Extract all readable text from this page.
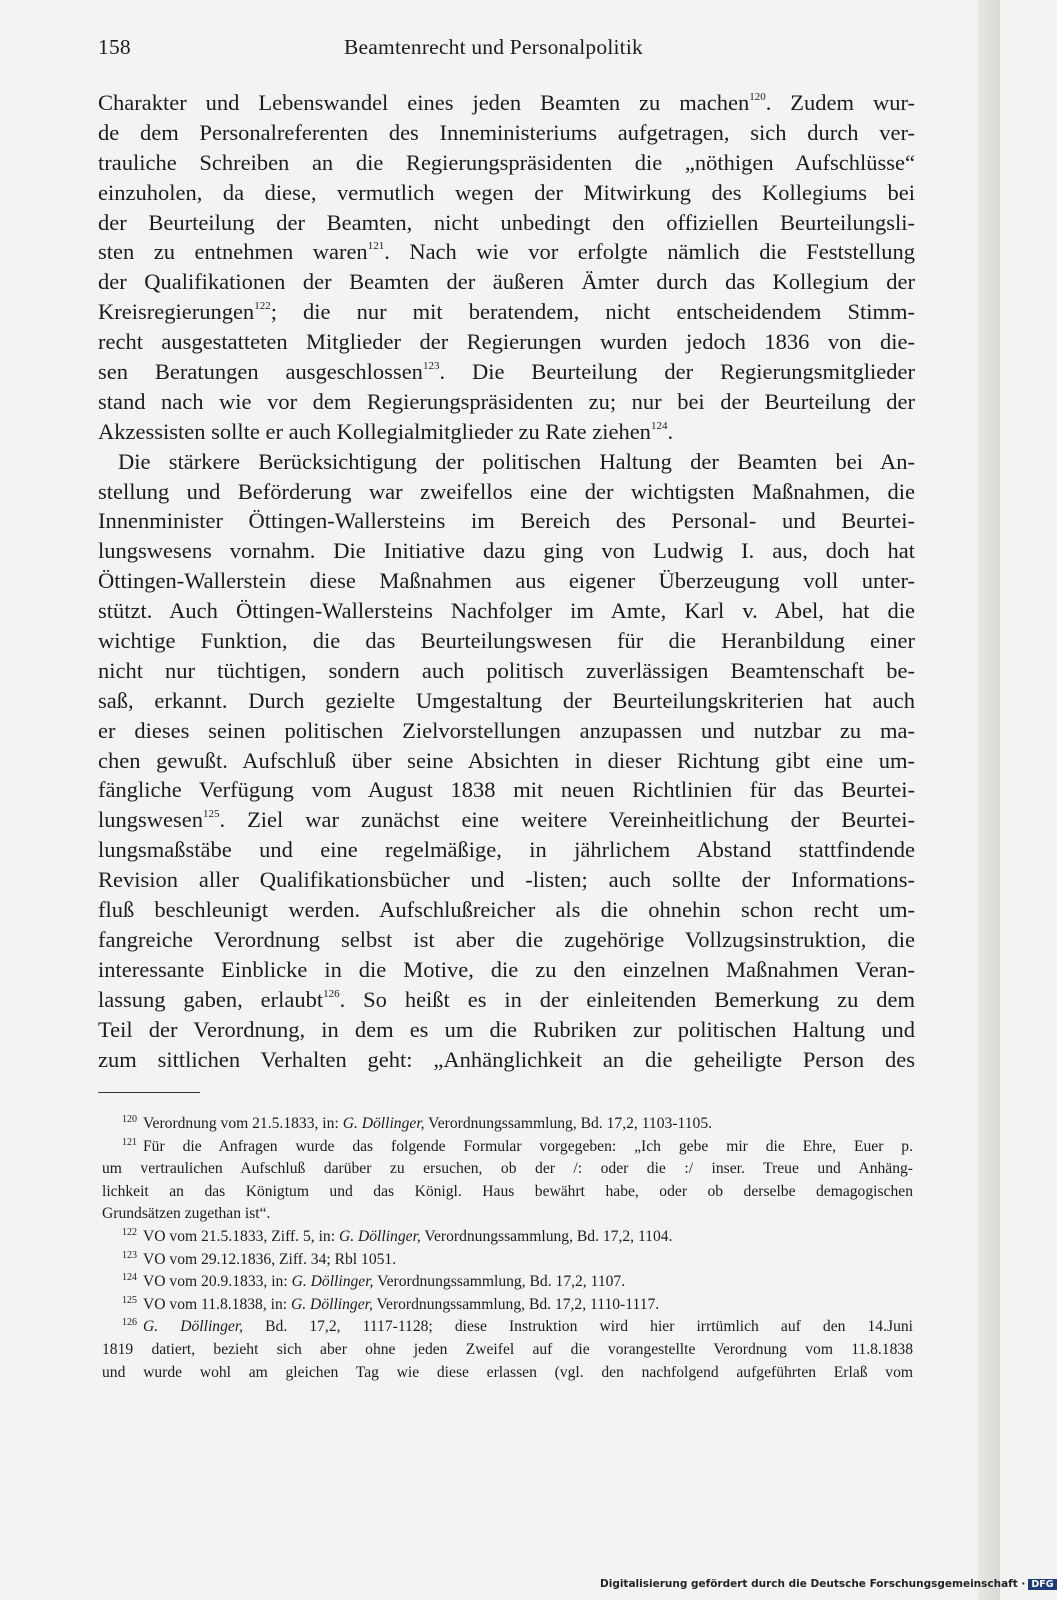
158	Beamtenrecht und Personalpolitik
Charakter und Lebenswandel eines jeden Beamten zu machen$^{120}$. Zudem wur-
de dem Personalreferenten des Inneministeriums aufgetragen, sich durch ver-
trauliche Schreiben an die Regierungspräsidenten die „nöthigen Aufschlüsse“
einzuholen, da diese, vermutlich wegen der Mitwirkung des Kollegiums bei
der Beurteilung der Beamten, nicht unbedingt den offiziellen Beurteilungsli-
sten zu entnehmen waren$^{121}$. Nach wie vor erfolgte nämlich die Feststellung
der Qualifikationen der Beamten der äußeren Ämter durch das Kollegium der
Kreisregierungen$^{122}$; die nur mit beratendem, nicht entscheidendem Stimm-
recht ausgestatteten Mitglieder der Regierungen wurden jedoch 1836 von die-
sen Beratungen ausgeschlossen$^{123}$. Die Beurteilung der Regierungsmitglieder
stand nach wie vor dem Regierungspräsidenten zu; nur bei der Beurteilung der
Akzessisten sollte er auch Kollegialmitglieder zu Rate ziehen$^{124}$.
Die stärkere Berücksichtigung der politischen Haltung der Beamten bei An-
stellung und Beförderung war zweifellos eine der wichtigsten Maßnahmen, die
Innenminister Öttingen-Wallersteins im Bereich des Personal- und Beurtei-
lungswesens vornahm. Die Initiative dazu ging von Ludwig I. aus, doch hat
Öttingen-Wallerstein diese Maßnahmen aus eigener Überzeugung voll unter-
stützt. Auch Öttingen-Wallersteins Nachfolger im Amte, Karl v. Abel, hat die
wichtige Funktion, die das Beurteilungswesen für die Heranbildung einer
nicht nur tüchtigen, sondern auch politisch zuverlässigen Beamtenschaft be-
saß, erkannt. Durch gezielte Umgestaltung der Beurteilungskriterien hat auch
er dieses seinen politischen Zielvorstellungen anzupassen und nutzbar zu ma-
chen gewußt. Aufschluß über seine Absichten in dieser Richtung gibt eine um-
fängliche Verfügung vom August 1838 mit neuen Richtlinien für das Beurtei-
lungswesen$^{125}$. Ziel war zunächst eine weitere Vereinheitlichung der Beurtei-
lungsmaßstäbe und eine regelmäßige, in jährlichem Abstand stattfindende
Revision aller Qualifikationsbücher und -listen; auch sollte der Informations-
fluß beschleunigt werden. Aufschlußreicher als die ohnehin schon recht um-
fangreiche Verordnung selbst ist aber die zugehörige Vollzugsinstruktion, die
interessante Einblicke in die Motive, die zu den einzelnen Maßnahmen Veran-
lassung gaben, erlaubt$^{126}$. So heißt es in der einleitenden Bemerkung zu dem
Teil der Verordnung, in dem es um die Rubriken zur politischen Haltung und
zum sittlichen Verhalten geht: „Anhänglichkeit an die geheiligte Person des
$^{120}$ Verordnung vom 21.5.1833, in: G. Döllinger, Verordnungssammlung, Bd. 17,2, 1103-1105.
$^{121}$ Für die Anfragen wurde das folgende Formular vorgegeben: „Ich gebe mir die Ehre, Euer p.
um vertraulichen Aufschluß darüber zu ersuchen, ob der /: oder die :/ inser. Treue und Anhäng-
lichkeit an das Königtum und das Königl. Haus bewährt habe, oder ob derselbe demagogischen
Grundsätzen zugethan ist“.
$^{122}$ VO vom 21.5.1833, Ziff. 5, in: G. Döllinger, Verordnungssammlung, Bd. 17,2, 1104.
$^{123}$ VO vom 29.12.1836, Ziff. 34; Rbl 1051.
$^{124}$ VO vom 20.9.1833, in: G. Döllinger, Verordnungssammlung, Bd. 17,2, 1107.
$^{125}$ VO vom 11.8.1838, in: G. Döllinger, Verordnungssammlung, Bd. 17,2, 1110-1117.
$^{126}$ G. Döllinger, Bd. 17,2, 1117-1128; diese Instruktion wird hier irrtümlich auf den 14.Juni
1819 datiert, bezieht sich aber ohne jeden Zweifel auf die vorangestellte Verordnung vom 11.8.1838
und wurde wohl am gleichen Tag wie diese erlassen (vgl. den nachfolgend aufgeführten Erlaß vom
Digitalisierung gefördert durch die Deutsche Forschungsgemeinschaft · DFG
